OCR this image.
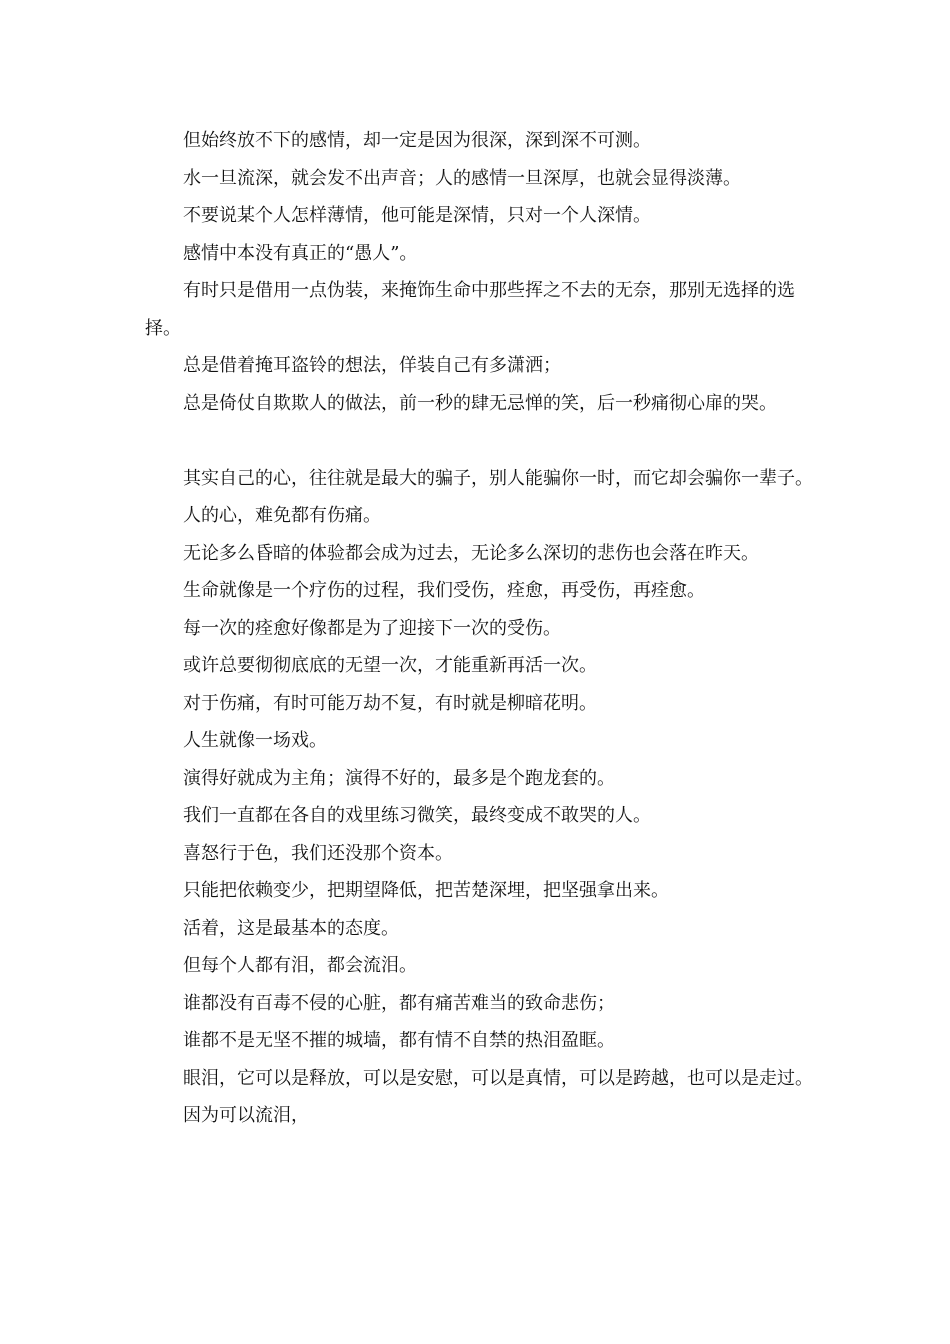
但始终放不下的感情，却一定是因为很深，深到深不可测。

水一旦流深，就会发不出声音；人的感情一旦深厚，也就会显得淡薄。

不要说某个人怎样薄情，他可能是深情，只对一个人深情。

感情中本没有真正的“愚人”。

有时只是借用一点伪装，来掩饰生命中那些挥之不去的无奈，那别无选择的选择。

总是借着掩耳盗铃的想法，佯装自己有多潇洒；

总是倚仗自欺欺人的做法，前一秒的肆无忌惮的笑，后一秒痛彻心扉的哭。

其实自己的心，往往就是最大的骗子，别人能骗你一时，而它却会骗你一辈子。

人的心，难免都有伤痛。

无论多么昏暗的体验都会成为过去，无论多么深切的悲伤也会落在昨天。

生命就像是一个疗伤的过程，我们受伤，痊愈，再受伤，再痊愈。

每一次的痊愈好像都是为了迎接下一次的受伤。

或许总要彻彻底底的无望一次，才能重新再活一次。

对于伤痛，有时可能万劫不复，有时就是柳暗花明。

人生就像一场戏。

演得好就成为主角；演得不好的，最多是个跑龙套的。

我们一直都在各自的戏里练习微笑，最终变成不敢哭的人。

喜怒行于色，我们还没那个资本。

只能把依赖变少，把期望降低，把苦楚深埋，把坚强拿出来。

活着，这是最基本的态度。

但每个人都有泪，都会流泪。

谁都没有百毒不侵的心脏，都有痛苦难当的致命悲伤；

谁都不是无坚不摧的城墙，都有情不自禁的热泪盈眶。

眼泪，它可以是释放，可以是安慰，可以是真情，可以是跨越，也可以是走过。

因为可以流泪，
